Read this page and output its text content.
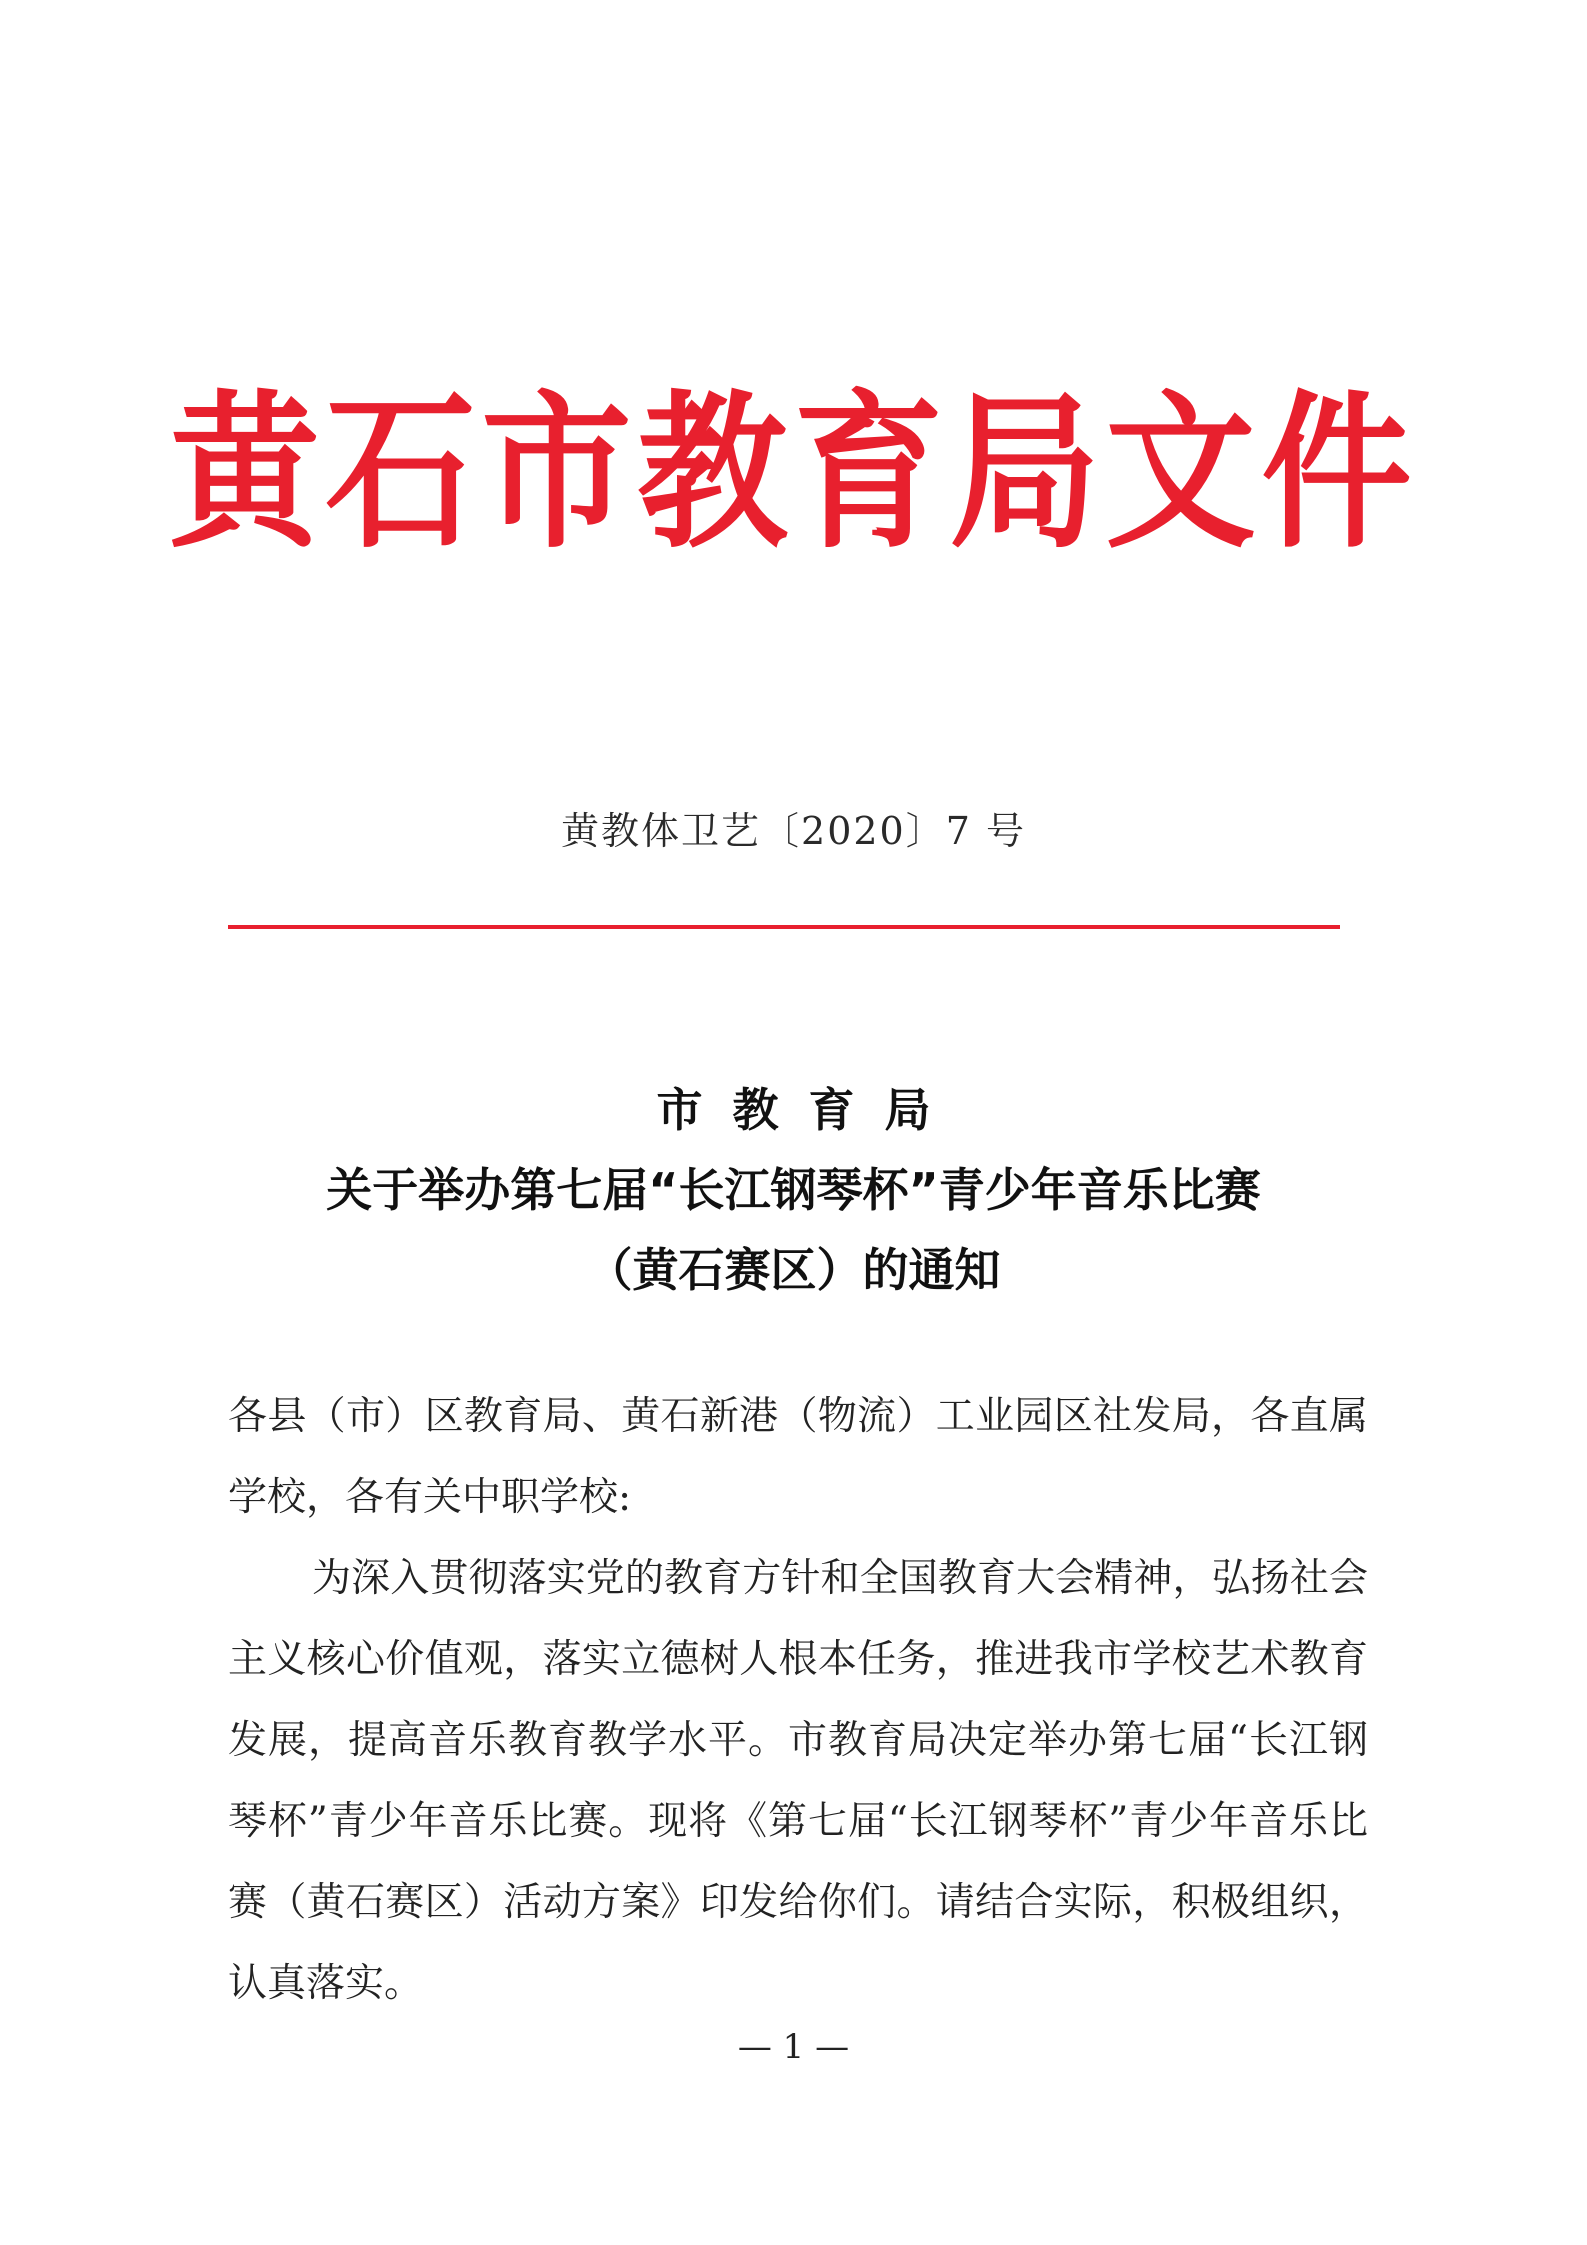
黄石市教育局文件
黄教体卫艺〔2020〕7 号
市教育局
关于举办第七届“长江钢琴杯”青少年音乐比赛
（黄石赛区）的通知

各县（市）区教育局、黄石新港（物流）工业园区社发局，各直属学校，各有关中职学校:

为深入贯彻落实党的教育方针和全国教育大会精神，弘扬社会主义核心价值观，落实立德树人根本任务，推进我市学校艺术教育发展，提高音乐教育教学水平。市教育局决定举办第七届“长江钢琴杯”青少年音乐比赛。现将《第七届“长江钢琴杯”青少年音乐比赛（黄石赛区）活动方案》印发给你们。请结合实际，积极组织，认真落实。

— 1 —
